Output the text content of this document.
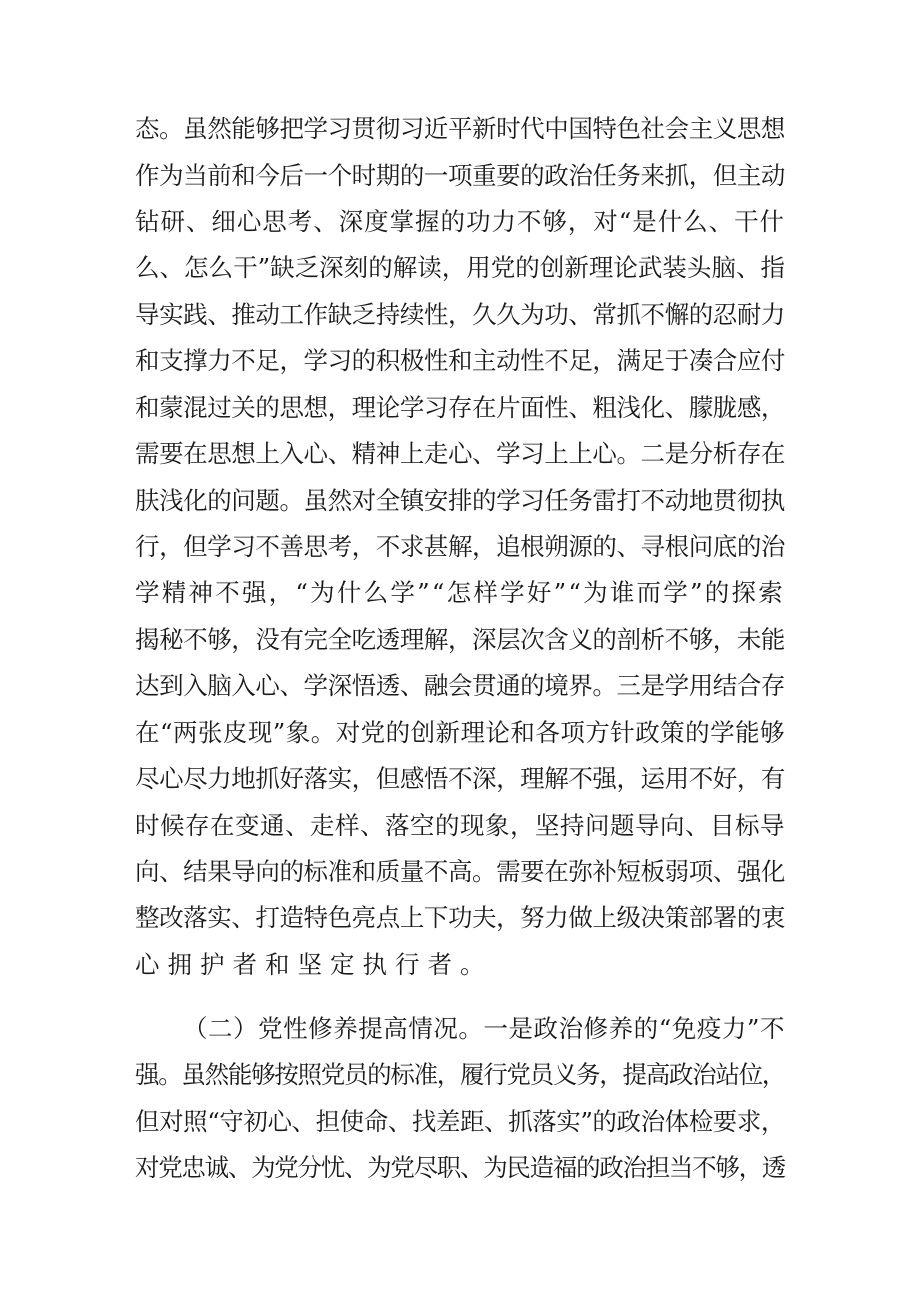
态。虽然能够把学习贯彻习近平新时代中国特色社会主义思想
作为当前和今后一个时期的一项重要的政治任务来抓，但主动
钻研、细心思考、深度掌握的功力不够，对“是什么、干什
么、怎么干”缺乏深刻的解读，用党的创新理论武装头脑、指
导实践、推动工作缺乏持续性，久久为功、常抓不懈的忍耐力
和支撑力不足，学习的积极性和主动性不足，满足于凑合应付
和蒙混过关的思想，理论学习存在片面性、粗浅化、朦胧感，
需要在思想上入心、精神上走心、学习上上心。二是分析存在
肤浅化的问题。虽然对全镇安排的学习任务雷打不动地贯彻执
行，但学习不善思考，不求甚解，追根朔源的、寻根问底的治
学精神不强，“为什么学”“怎样学好”“为谁而学”的探索
揭秘不够，没有完全吃透理解，深层次含义的剖析不够，未能
达到入脑入心、学深悟透、融会贯通的境界。三是学用结合存
在“两张皮现”象。对党的创新理论和各项方针政策的学能够
尽心尽力地抓好落实，但感悟不深，理解不强，运用不好，有
时候存在变通、走样、落空的现象，坚持问题导向、目标导
向、结果导向的标准和质量不高。需要在弥补短板弱项、强化
整改落实、打造特色亮点上下功夫，努力做上级决策部署的衷
心拥护者和坚定执行者。
（二）党性修养提高情况。一是政治修养的“免疫力”不
强。虽然能够按照党员的标准，履行党员义务，提高政治站位，
但对照“守初心、担使命、找差距、抓落实”的政治体检要求，
对党忠诚、为党分忧、为党尽职、为民造福的政治担当不够，透
